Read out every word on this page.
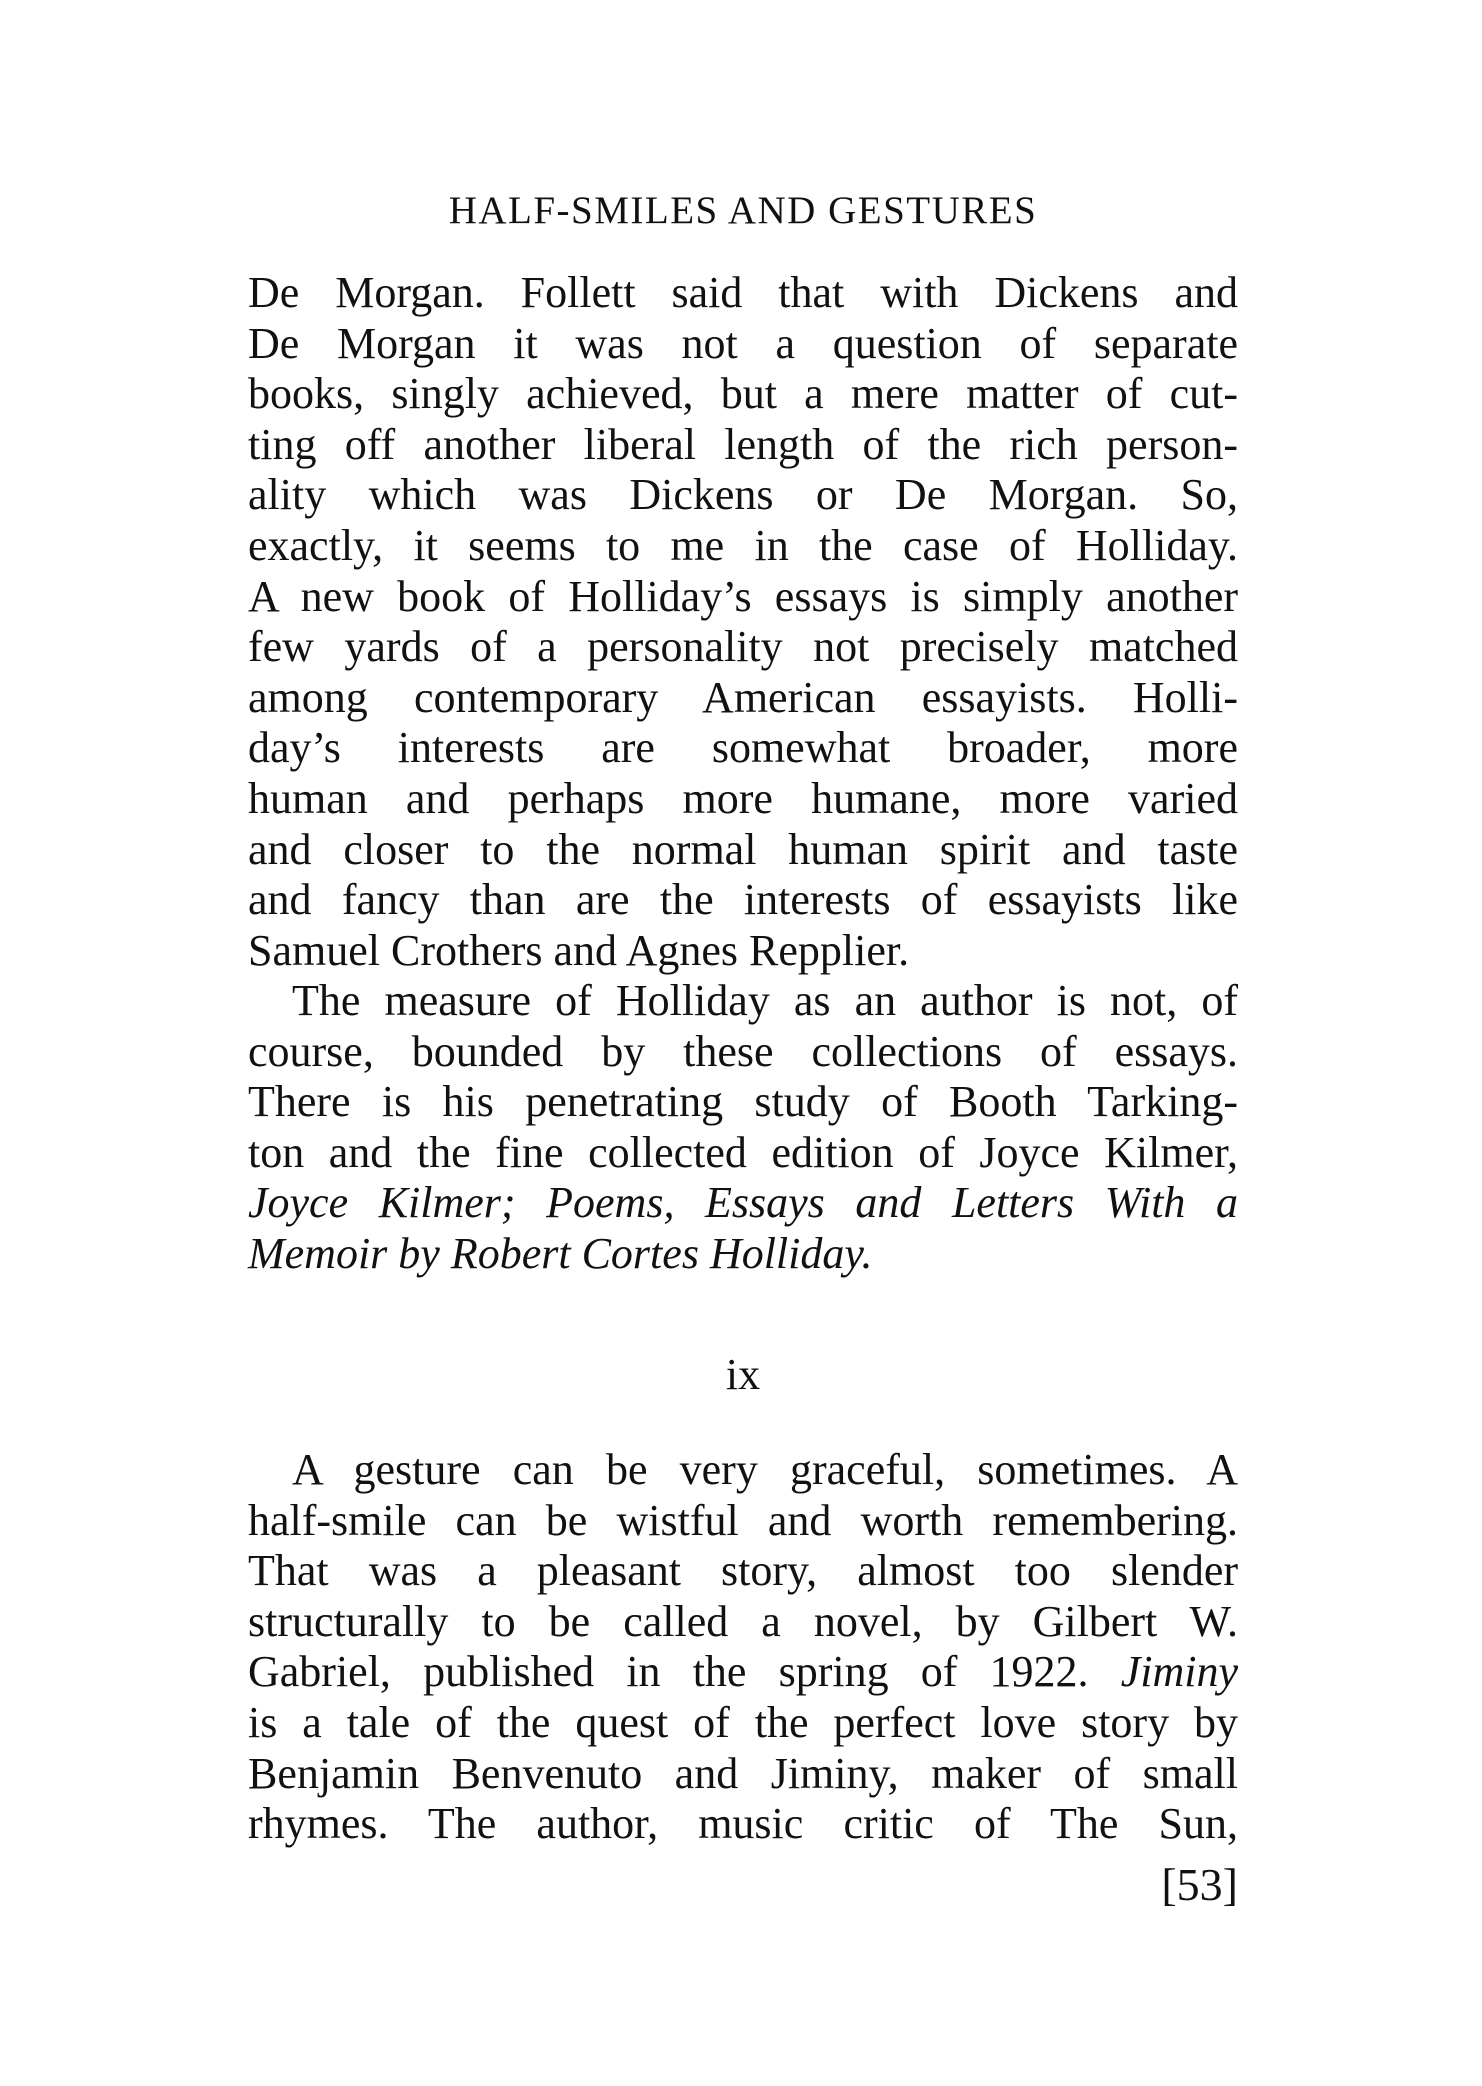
HALF-SMILES AND GESTURES
De Morgan. Follett said that with Dickens and
De Morgan it was not a question of separate
books, singly achieved, but a mere matter of cut-
ting off another liberal length of the rich person-
ality which was Dickens or De Morgan. So,
exactly, it seems to me in the case of Holliday.
A new book of Holliday’s essays is simply another
few yards of a personality not precisely matched
among contemporary American essayists. Holli-
day’s interests are somewhat broader, more
human and perhaps more humane, more varied
and closer to the normal human spirit and taste
and fancy than are the interests of essayists like
Samuel Crothers and Agnes Repplier.
The measure of Holliday as an author is not, of
course, bounded by these collections of essays.
There is his penetrating study of Booth Tarking-
ton and the fine collected edition of Joyce Kilmer,
Joyce Kilmer; Poems, Essays and Letters With a
Memoir by Robert Cortes Holliday.
ix
A gesture can be very graceful, sometimes. A
half-smile can be wistful and worth remembering.
That was a pleasant story, almost too slender
structurally to be called a novel, by Gilbert W.
Gabriel, published in the spring of 1922. Jiminy
is a tale of the quest of the perfect love story by
Benjamin Benvenuto and Jiminy, maker of small
rhymes. The author, music critic of The Sun,
[53]
